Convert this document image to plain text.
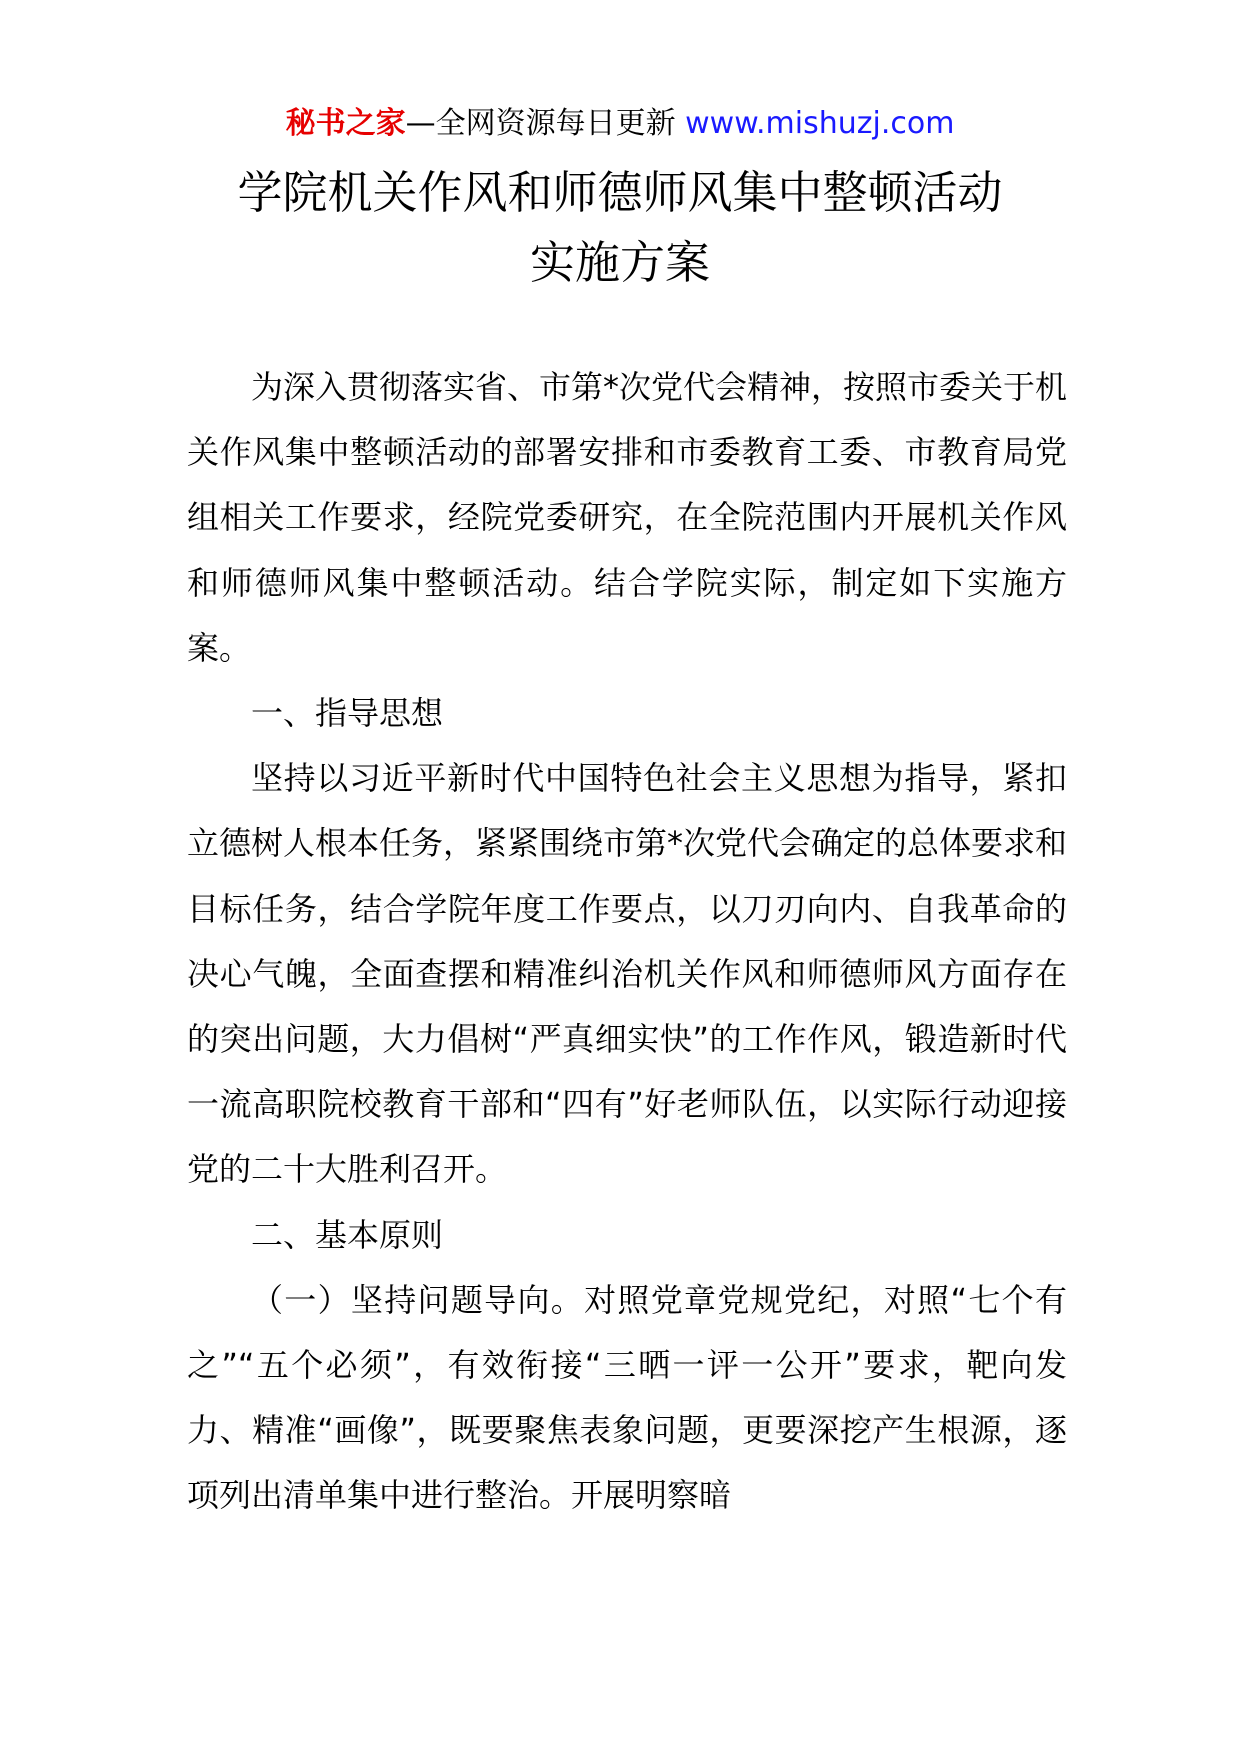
秘书之家—全网资源每日更新 www.mishuzj.com
学院机关作风和师德师风集中整顿活动
实施方案

为深入贯彻落实省、市第*次党代会精神，按照市委关于机关作风集中整顿活动的部署安排和市委教育工委、市教育局党组相关工作要求，经院党委研究，在全院范围内开展机关作风和师德师风集中整顿活动。结合学院实际，制定如下实施方案。

一、指导思想

坚持以习近平新时代中国特色社会主义思想为指导，紧扣立德树人根本任务，紧紧围绕市第*次党代会确定的总体要求和目标任务，结合学院年度工作要点，以刀刃向内、自我革命的决心气魄，全面查摆和精准纠治机关作风和师德师风方面存在的突出问题，大力倡树“严真细实快”的工作作风，锻造新时代一流高职院校教育干部和“四有”好老师队伍，以实际行动迎接党的二十大胜利召开。

二、基本原则

（一）坚持问题导向。对照党章党规党纪，对照“七个有之”“五个必须”，有效衔接“三晒一评一公开”要求，靶向发力、精准“画像”，既要聚焦表象问题，更要深挖产生根源，逐项列出清单集中进行整治。开展明察暗
